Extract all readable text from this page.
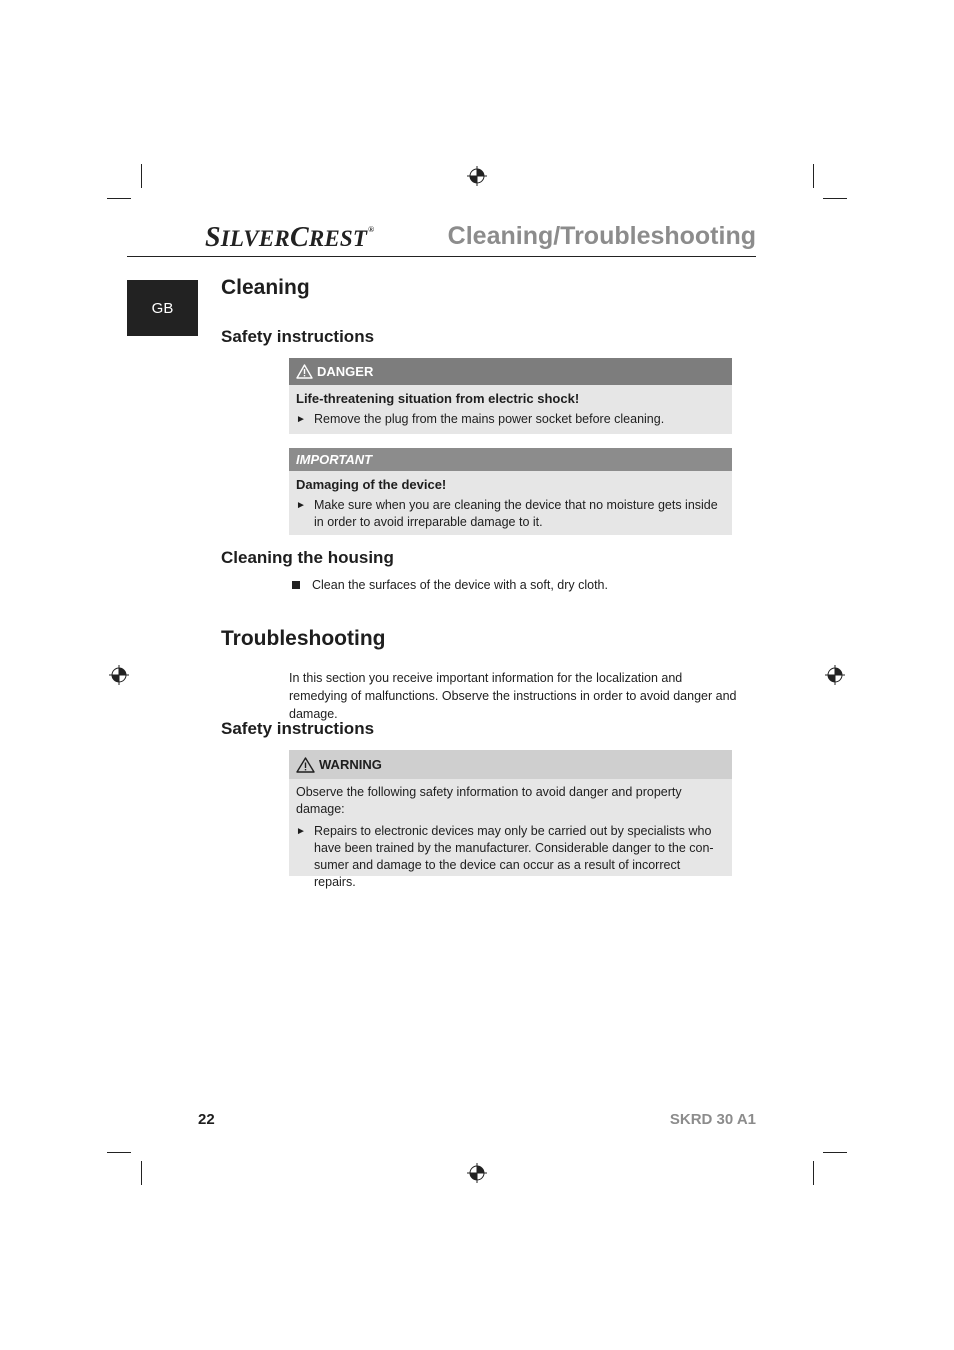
SILVERCREST®	Cleaning/Troubleshooting
GB
Cleaning
Safety instructions
DANGER
Life-threatening situation from electric shock!
► Remove the plug from the mains power socket before cleaning.
IMPORTANT
Damaging of the device!
► Make sure when you are cleaning the device that no moisture gets inside in order to avoid irreparable damage to it.
Cleaning the housing
Clean the surfaces of the device with a soft, dry cloth.
Troubleshooting
In this section you receive important information for the localization and remedying of malfunctions. Observe the instructions in order to avoid danger and damage.
Safety instructions
WARNING
Observe the following safety information to avoid danger and property damage:
► Repairs to electronic devices may only be carried out by specialists who have been trained by the manufacturer. Considerable danger to the con-sumer and damage to the device can occur as a result of incorrect repairs.
22	SKRD 30 A1
